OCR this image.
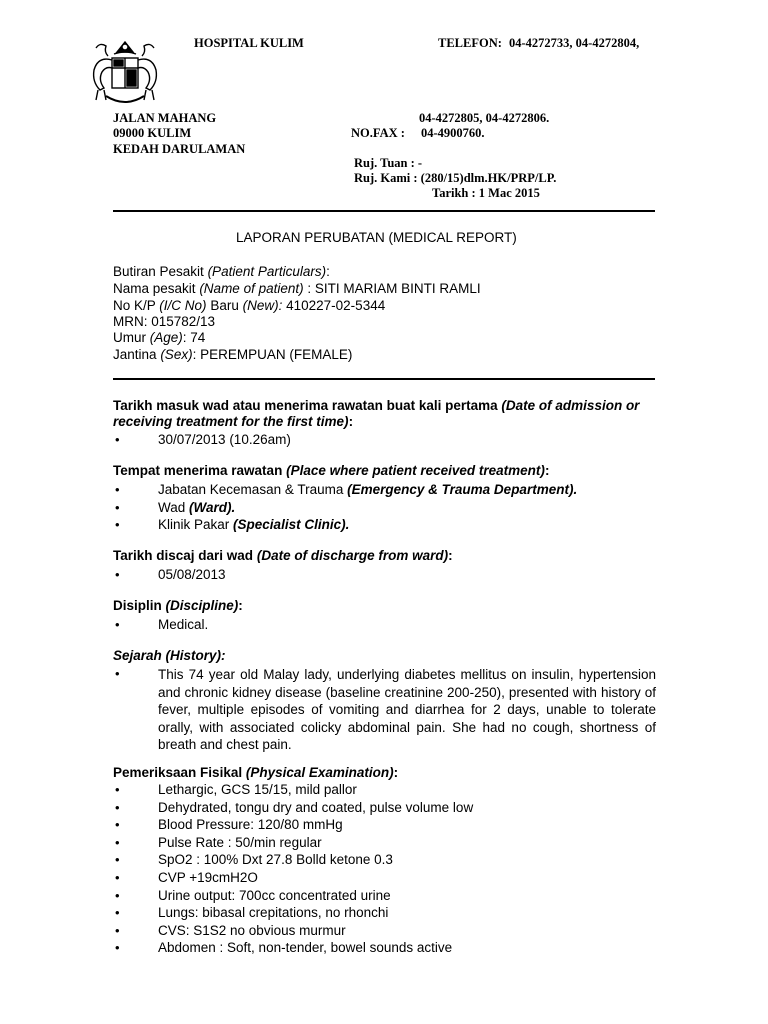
HOSPITAL KULIM	TELEFON: 04-4272733, 04-4272804,
JALAN MAHANG	04-4272805, 04-4272806.
09000 KULIM	NO.FAX : 04-4900760.
KEDAH DARULAMAN
Ruj. Tuan : -
Ruj. Kami : (280/15)dlm.HK/PRP/LP.
Tarikh : 1 Mac 2015
LAPORAN PERUBATAN (MEDICAL REPORT)
Butiran Pesakit (Patient Particulars):
Nama pesakit (Name of patient) : SITI MARIAM BINTI RAMLI
No K/P (I/C No) Baru (New): 410227-02-5344
MRN: 015782/13
Umur (Age): 74
Jantina (Sex): PEREMPUAN (FEMALE)
Tarikh masuk wad atau menerima rawatan buat kali pertama (Date of admission or
receiving treatment for the first time):
• 30/07/2013 (10.26am)
Tempat menerima rawatan (Place where patient received treatment):
• Jabatan Kecemasan & Trauma (Emergency & Trauma Department).
• Wad (Ward).
• Klinik Pakar (Specialist Clinic).
Tarikh discaj dari wad (Date of discharge from ward):
• 05/08/2013
Disiplin (Discipline):
• Medical.
Sejarah (History):
•	This 74 year old Malay lady, underlying diabetes mellitus on insulin, hypertension and chronic kidney disease (baseline creatinine 200-250), presented with history of fever, multiple episodes of vomiting and diarrhea for 2 days, unable to tolerate orally, with associated colicky abdominal pain. She had no cough, shortness of breath and chest pain.
Pemeriksaan Fisikal (Physical Examination):
• Lethargic, GCS 15/15, mild pallor
• Dehydrated, tongu dry and coated, pulse volume low
• Blood Pressure: 120/80 mmHg
• Pulse Rate : 50/min regular
• SpO2 : 100% Dxt 27.8 Bolld ketone 0.3
• CVP +19cmH2O
• Urine output: 700cc concentrated urine
• Lungs: bibasal crepitations, no rhonchi
• CVS: S1S2 no obvious murmur
• Abdomen : Soft, non-tender, bowel sounds active
